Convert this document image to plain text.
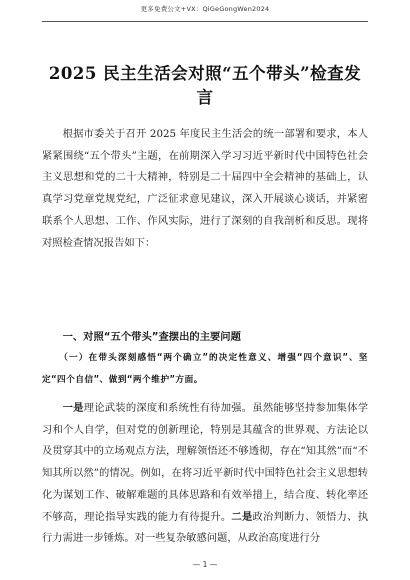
更多免费公文+VX：QiGeGongWen2024
2025 民主生活会对照“五个带头”检查发言

根据市委关于召开 2025 年度民主生活会的统一部署和要求，本人紧紧围绕“五个带头”主题，在前期深入学习习近平新时代中国特色社会主义思想和党的二十大精神，特别是二十届四中全会精神的基础上，认真学习党章党规党纪，广泛征求意见建议，深入开展谈心谈话，并紧密联系个人思想、工作、作风实际，进行了深刻的自我剖析和反思。现将对照检查情况报告如下：

一、对照“五个带头”查摆出的主要问题
（一）在带头深刻感悟“两个确立”的决定性意义、增强“四个意识”、坚定“四个自信”、做到“两个维护”方面。

一是理论武装的深度和系统性有待加强。虽然能够坚持参加集体学习和个人自学，但对党的创新理论，特别是其蕴含的世界观、方法论以及贯穿其中的立场观点方法，理解领悟还不够透彻，存在“知其然”而“不知其所以然”的情况。例如，在将习近平新时代中国特色社会主义思想转化为谋划工作、破解难题的具体思路和有效举措上，结合度、转化率还不够高，理论指导实践的能力有待提升。二是政治判断力、领悟力、执行力需进一步锤炼。对一些复杂敏感问题，从政治高度进行分

— 1 —
